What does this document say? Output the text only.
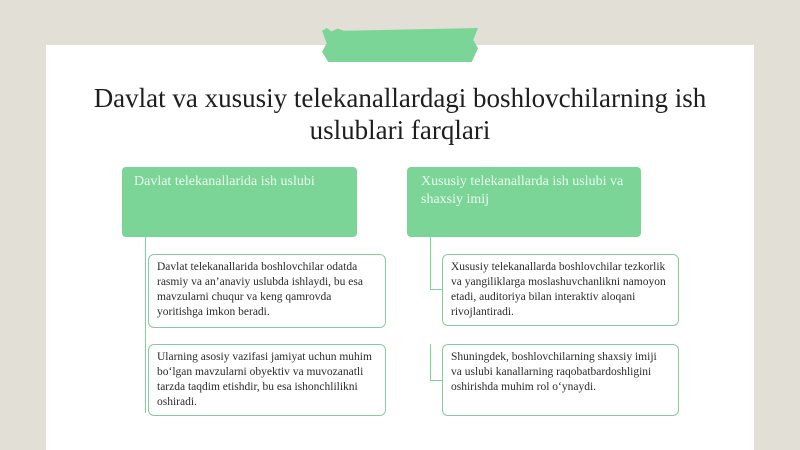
Davlat va xususiy telekanallardagi boshlovchilarning ish uslublari farqlari
Davlat telekanallarida ish uslubi
Davlat telekanallarida boshlovchilar odatda rasmiy va an’anaviy uslubda ishlaydi, bu esa mavzularni chuqur va keng qamrovda yoritishga imkon beradi.
Ularning asosiy vazifasi jamiyat uchun muhim bo‘lgan mavzularni obyektiv va muvozanatli tarzda taqdim etishdir, bu esa ishonchlilikni oshiradi.
Xususiy telekanallarda ish uslubi va shaxsiy imij
Xususiy telekanallarda boshlovchilar tezkorlik va yangiliklarga moslashuvchanlikni namoyon etadi, auditoriya bilan interaktiv aloqani rivojlantiradi.
Shuningdek, boshlovchilarning shaxsiy imiji va uslubi kanallarning raqobatbardoshligini oshirishda muhim rol o‘ynaydi.
